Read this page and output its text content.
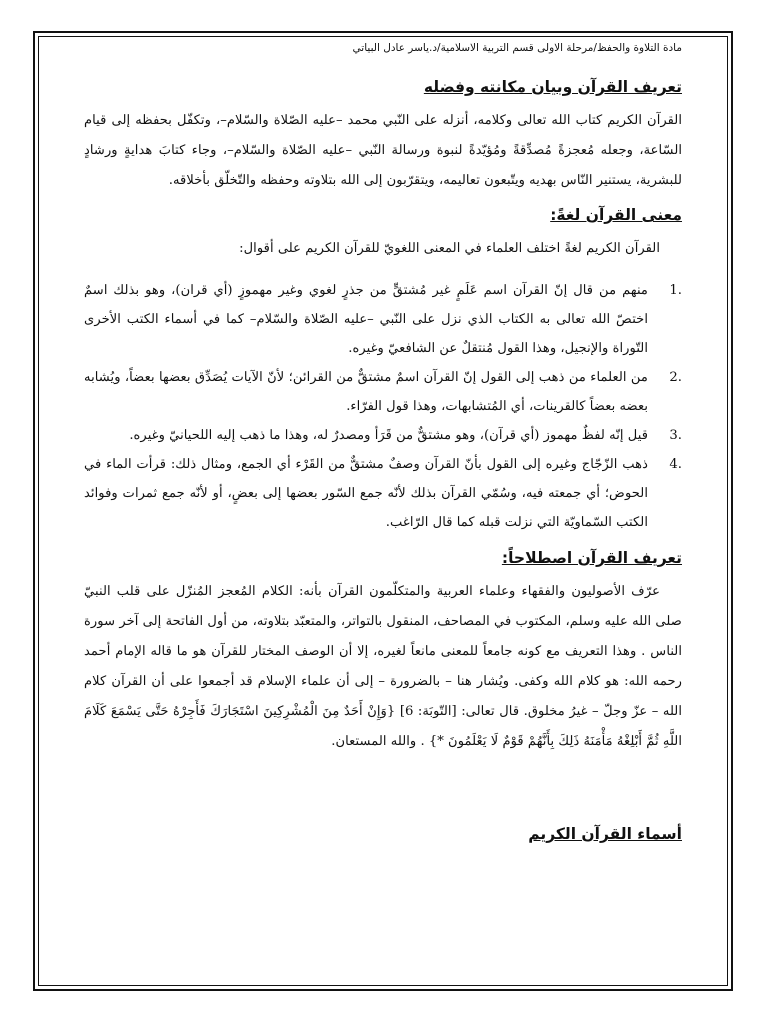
مادة التلاوة والحفظ/مرحلة الاولى قسم التربية الاسلامية/د.ياسر عادل البياتي

تعريف القرآن وبيان مكانته وفضله

القرآن الكريم كتاب الله تعالى وكلامه، أنزله على النّبي محمد –عليه الصّلاة والسّلام–، وتكفّل بحفظه إلى قيام السّاعة، وجعله مُعجزةً مُصدِّقةً ومُؤيّدةً لنبوة ورسالة النّبي –عليه الصّلاة والسّلام–، وجاء كتابَ هدايةٍ ورشادٍ للبشرية، يستنير النّاس بهديه ويتّبعون تعاليمه، ويتقرّبون إلى الله بتلاوته وحفظه والتّخلّق بأخلاقه.

معنى القرآن لغةً:

القرآن الكريم لغةً اختلف العلماء في المعنى اللغويّ للقرآن الكريم على أقوال:

1.
منهم من قال إنّ القرآن اسم عَلَمٍ غير مُشتقٍّ من جذرٍ لغوي وغير مهموزٍ (أي قران)، وهو بذلك اسمٌ اختصّ الله تعالى به الكتاب الذي نزل على النّبي –عليه الصّلاة والسّلام– كما في أسماء الكتب الأخرى التّوراة والإنجيل، وهذا القول مُنتقلٌ عن الشافعيّ وغيره.
2.
من العلماء من ذهب إلى القول إنّ القرآن اسمٌ مشتقٌّ من القرائن؛ لأنّ الآيات يُصَدِّق بعضها بعضاً، ويُشابه بعضه بعضاً كالقرينات، أي المُتشابهات، وهذا قول الفرّاء.
3.
قيل إنّه لفظٌ مهموز (أي قرآن)، وهو مشتقٌّ من قَرَأ ومصدرٌ له، وهذا ما ذهب إليه اللحيانيّ وغيره.
4.
ذهب الزّجّاج وغيره إلى القول بأنّ القرآن وصفٌ مشتقٌّ من القَرْء أي الجمع، ومثال ذلك: قرأت الماء في الحوض؛ أي جمعته فيه، وسُمّي القرآن بذلك لأنّه جمع السّور بعضها إلى بعضٍ، أو لأنّه جمع ثمرات وفوائد الكتب السّماويّة التي نزلت قبله كما قال الرّاغب.
تعريف القرآن اصطلاحاً:

عرّف الأصوليون والفقهاء وعلماء العربية والمتكلّمون القرآن بأنه: الكلام المُعجز المُنزّل على قلب النبيّ صلى الله عليه وسلم، المكتوب في المصاحف، المنقول بالتواتر، والمتعبّد بتلاوته، من أول الفاتحة إلى آخر سورة الناس . وهذا التعريف مع كونه جامعاً للمعنى مانعاً لغيره، إلا أن الوصف المختار للقرآن هو ما قاله الإمام أحمد رحمه الله: هو كلام الله وكفى. ويُشار هنا – بالضرورة – إلى أن علماء الإسلام قد أجمعوا على أن القرآن كلام الله – عزّ وجلّ – غيرُ مخلوق. قال تعالى: [التّوبَة: 6] {وَإِنْ أَحَدٌ مِنَ الْمُشْرِكِينَ اسْتَجَارَكَ فَأَجِرْهُ حَتَّى يَسْمَعَ كَلَامَ اللَّهِ ثُمَّ أَبْلِغْهُ مَأْمَنَهُ ذَلِكَ بِأَنَّهُمْ قَوْمٌ لَا يَعْلَمُونَ *} . والله المستعان.

أسماء القرآن الكريم
